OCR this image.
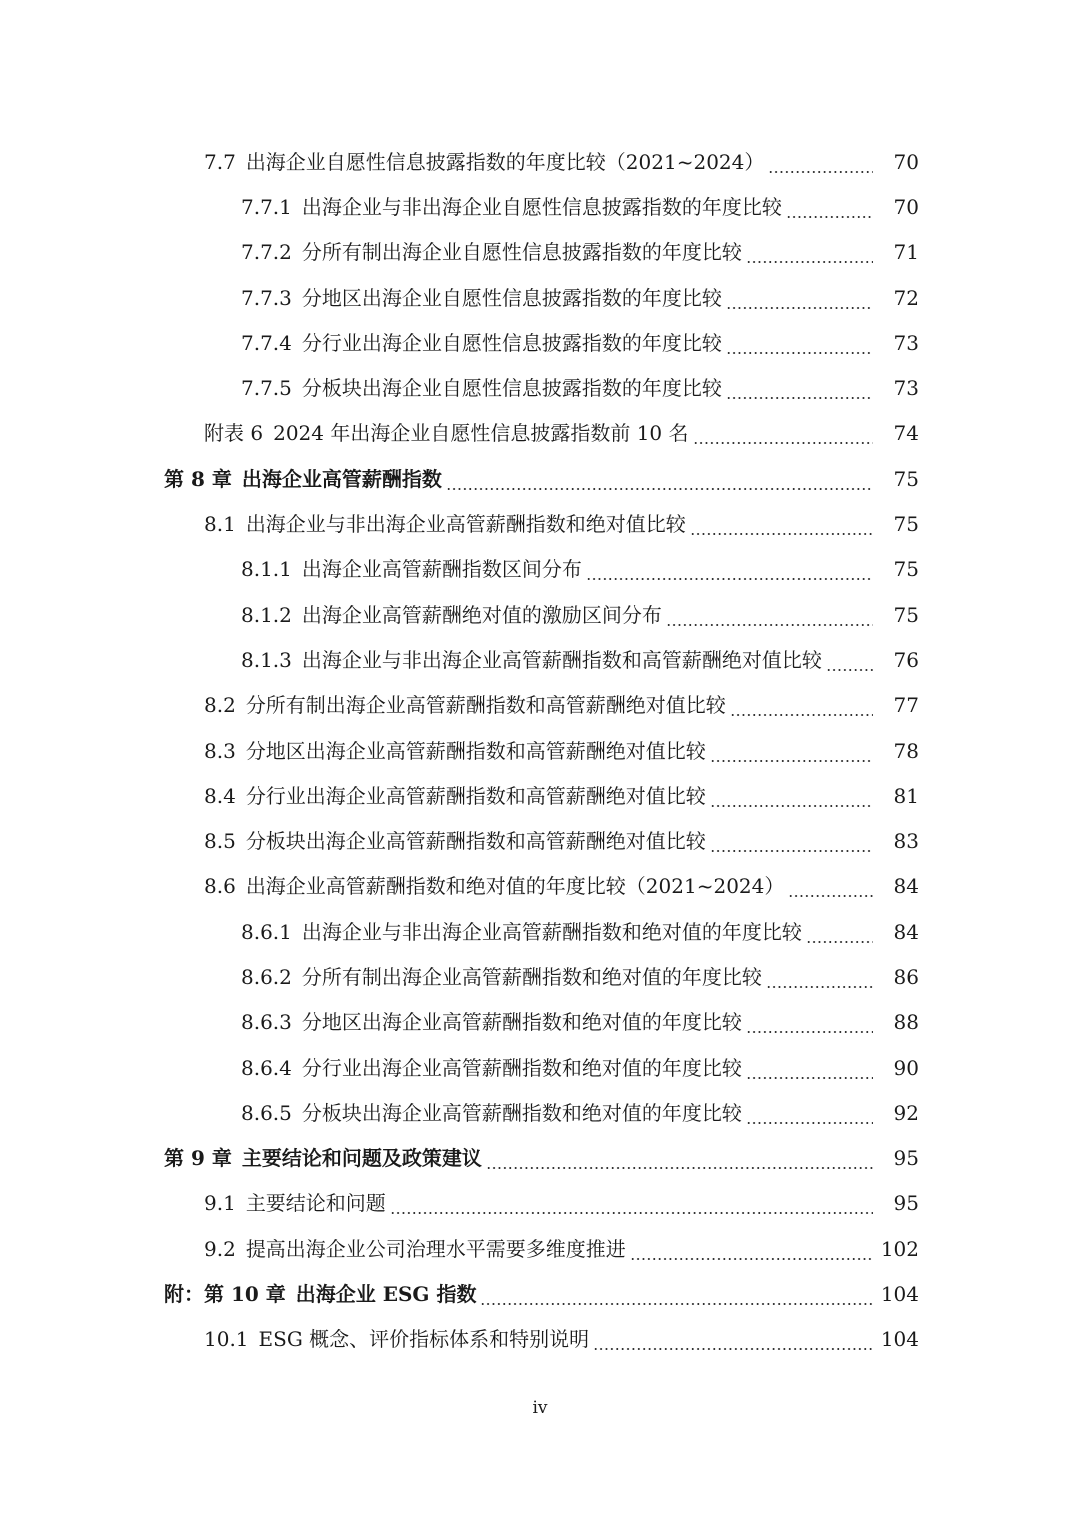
7.7 出海企业自愿性信息披露指数的年度比较（2021~2024）	70
7.7.1 出海企业与非出海企业自愿性信息披露指数的年度比较	70
7.7.2 分所有制出海企业自愿性信息披露指数的年度比较	71
7.7.3 分地区出海企业自愿性信息披露指数的年度比较	72
7.7.4 分行业出海企业自愿性信息披露指数的年度比较	73
7.7.5 分板块出海企业自愿性信息披露指数的年度比较	73
附表 6 2024 年出海企业自愿性信息披露指数前 10 名	74
第 8 章 出海企业高管薪酬指数	75
8.1 出海企业与非出海企业高管薪酬指数和绝对值比较	75
8.1.1 出海企业高管薪酬指数区间分布	75
8.1.2 出海企业高管薪酬绝对值的激励区间分布	75
8.1.3 出海企业与非出海企业高管薪酬指数和高管薪酬绝对值比较	76
8.2 分所有制出海企业高管薪酬指数和高管薪酬绝对值比较	77
8.3 分地区出海企业高管薪酬指数和高管薪酬绝对值比较	78
8.4 分行业出海企业高管薪酬指数和高管薪酬绝对值比较	81
8.5 分板块出海企业高管薪酬指数和高管薪酬绝对值比较	83
8.6 出海企业高管薪酬指数和绝对值的年度比较（2021~2024）	84
8.6.1 出海企业与非出海企业高管薪酬指数和绝对值的年度比较	84
8.6.2 分所有制出海企业高管薪酬指数和绝对值的年度比较	86
8.6.3 分地区出海企业高管薪酬指数和绝对值的年度比较	88
8.6.4 分行业出海企业高管薪酬指数和绝对值的年度比较	90
8.6.5 分板块出海企业高管薪酬指数和绝对值的年度比较	92
第 9 章 主要结论和问题及政策建议	95
9.1 主要结论和问题	95
9.2 提高出海企业公司治理水平需要多维度推进	102
附：第 10 章 出海企业 ESG 指数	104
10.1 ESG 概念、评价指标体系和特别说明	104
iv
